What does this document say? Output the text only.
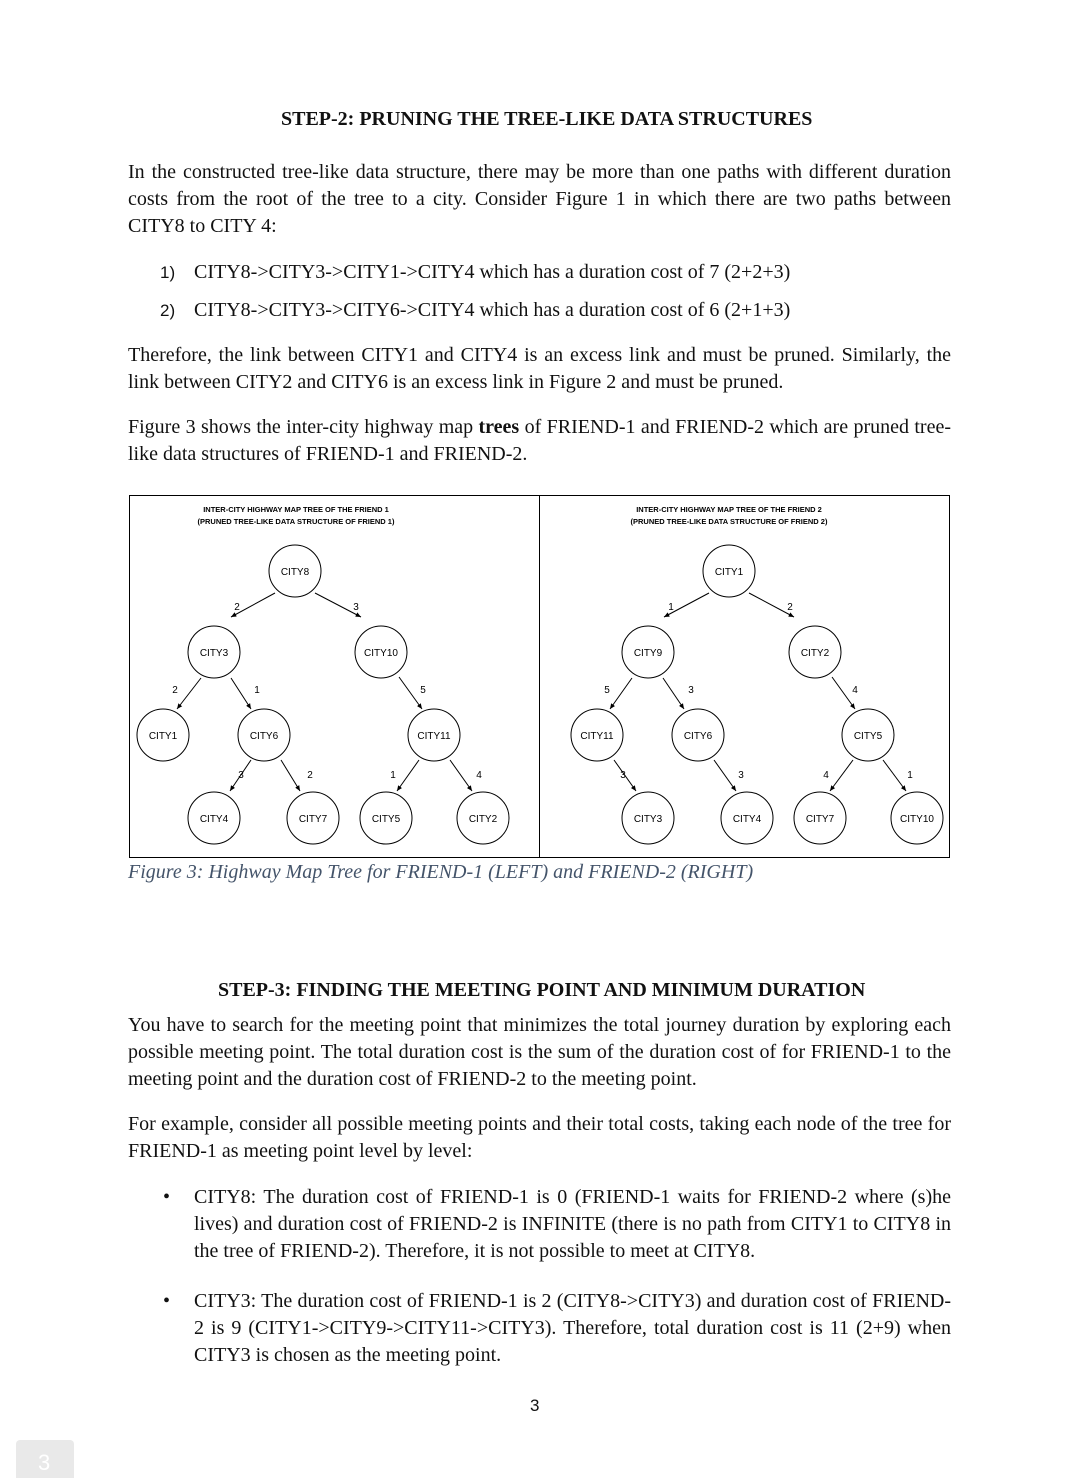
STEP-2: PRUNING THE TREE-LIKE DATA STRUCTURES

In the constructed tree-like data structure, there may be more than one paths with different duration costs from the root of the tree to a city. Consider Figure 1 in which there are two paths between CITY8 to CITY 4:

1) CITY8->CITY3->CITY1->CITY4 which has a duration cost of 7 (2+2+3)
2) CITY8->CITY3->CITY6->CITY4 which has a duration cost of 6 (2+1+3)

Therefore, the link between CITY1 and CITY4 is an excess link and must be pruned. Similarly, the link between CITY2 and CITY6 is an excess link in Figure 2 and must be pruned.

Figure 3 shows the inter-city highway map trees of FRIEND-1 and FRIEND-2 which are pruned tree-like data structures of FRIEND-1 and FRIEND-2.

INTER-CITY HIGHWAY MAP TREE OF THE FRIEND 1
(PRUNED TREE-LIKE DATA STRUCTURE OF FRIEND 1)
2	3
2	1	5
3	2	1	4
CITY8
CITY3	CITY10
CITY1	CITY6	CITY11
CITY4	CITY7	CITY5	CITY2
INTER-CITY HIGHWAY MAP TREE OF THE FRIEND 2
(PRUNED TREE-LIKE DATA STRUCTURE OF FRIEND 2)
1	2
5	3	4
3	3	4	1
CITY1
CITY9	CITY2
CITY11	CITY6	CITY5
CITY3	CITY4	CITY7	CITY10
Figure 3: Highway Map Tree for FRIEND-1 (LEFT) and FRIEND-2 (RIGHT)
STEP-3: FINDING THE MEETING POINT AND MINIMUM DURATION

You have to search for the meeting point that minimizes the total journey duration by exploring each possible meeting point. The total duration cost is the sum of the duration cost of for FRIEND-1 to the meeting point and the duration cost of FRIEND-2 to the meeting point.

For example, consider all possible meeting points and their total costs, taking each node of the tree for FRIEND-1 as meeting point level by level:

• CITY8: The duration cost of FRIEND-1 is 0 (FRIEND-1 waits for FRIEND-2 where (s)he lives) and duration cost of FRIEND-2 is INFINITE (there is no path from CITY1 to CITY8 in the tree of FRIEND-2). Therefore, it is not possible to meet at CITY8.

• CITY3: The duration cost of FRIEND-1 is 2 (CITY8->CITY3) and duration cost of FRIEND-2 is 9 (CITY1->CITY9->CITY11->CITY3). Therefore, total duration cost is 11 (2+9) when CITY3 is chosen as the meeting point.

3
3
